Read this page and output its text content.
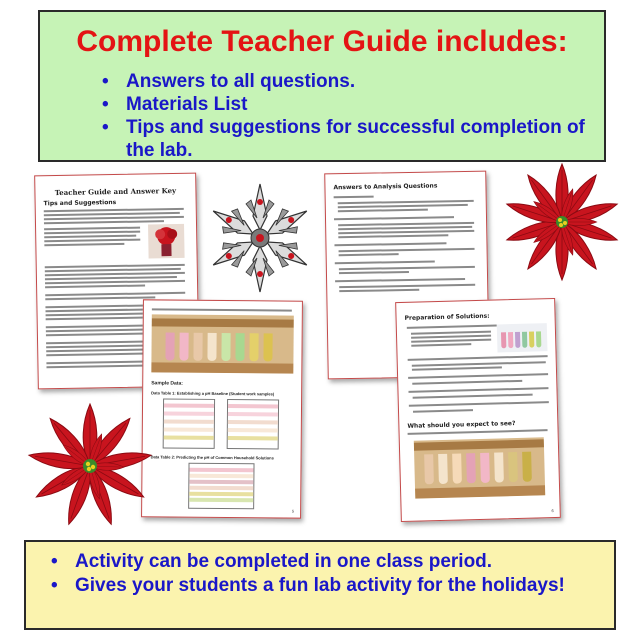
Complete Teacher Guide includes:
• Answers to all questions.
• Materials List
• Tips and suggestions for successful completion of the lab.
Teacher Guide and Answer Key
Tips and Suggestions
Answers to Analysis Questions
Sample Data:
Data Table 1: Establishing a pH Baseline (Student work samples)
Data Table 2: Predicting the pH of Common Household Solutions
5
Preparation of Solutions:
What should you expect to see?
6
• Activity can be completed in one class period.
• Gives your students a fun lab activity for the holidays!
